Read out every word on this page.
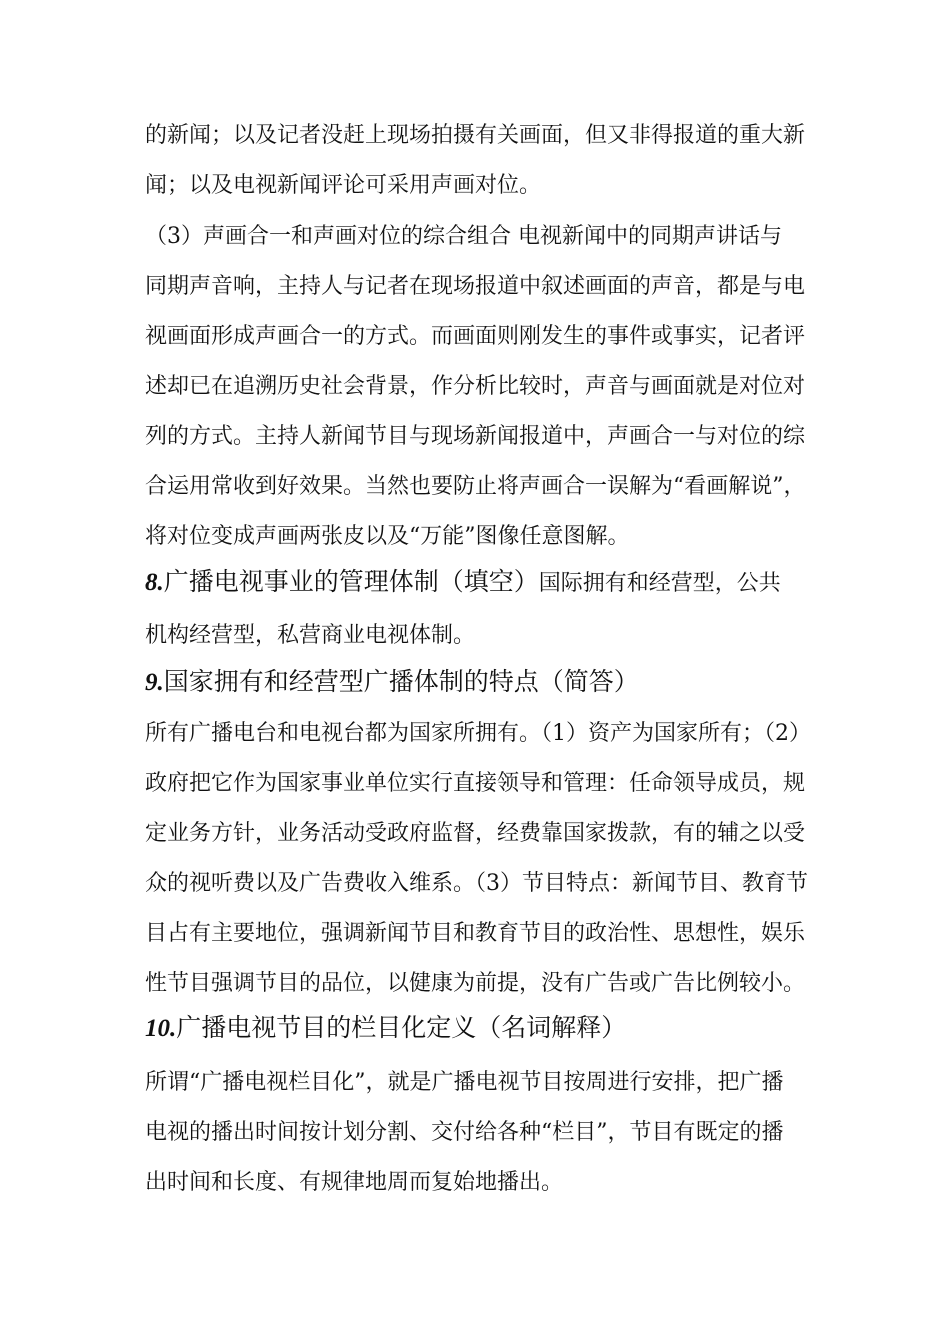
的新闻；以及记者没赶上现场拍摄有关画面，但又非得报道的重大新
闻；以及电视新闻评论可采用声画对位。
（3）声画合一和声画对位的综合组合 电视新闻中的同期声讲话与
同期声音响，主持人与记者在现场报道中叙述画面的声音，都是与电
视画面形成声画合一的方式。而画面则刚发生的事件或事实，记者评
述却已在追溯历史社会背景，作分析比较时，声音与画面就是对位对
列的方式。主持人新闻节目与现场新闻报道中，声画合一与对位的综
合运用常收到好效果。当然也要防止将声画合一误解为“看画解说”，
将对位变成声画两张皮以及“万能”图像任意图解。
8.广播电视事业的管理体制（填空）国际拥有和经营型，公共
机构经营型，私营商业电视体制。
9.国家拥有和经营型广播体制的特点（简答）
所有广播电台和电视台都为国家所拥有。（1）资产为国家所有；（2）
政府把它作为国家事业单位实行直接领导和管理：任命领导成员，规
定业务方针，业务活动受政府监督，经费靠国家拨款，有的辅之以受
众的视听费以及广告费收入维系。（3）节目特点：新闻节目、教育节
目占有主要地位，强调新闻节目和教育节目的政治性、思想性，娱乐
性节目强调节目的品位，以健康为前提，没有广告或广告比例较小。
10.广播电视节目的栏目化定义（名词解释）
所谓“广播电视栏目化”，就是广播电视节目按周进行安排，把广播
电视的播出时间按计划分割、交付给各种“栏目”，节目有既定的播
出时间和长度、有规律地周而复始地播出。
